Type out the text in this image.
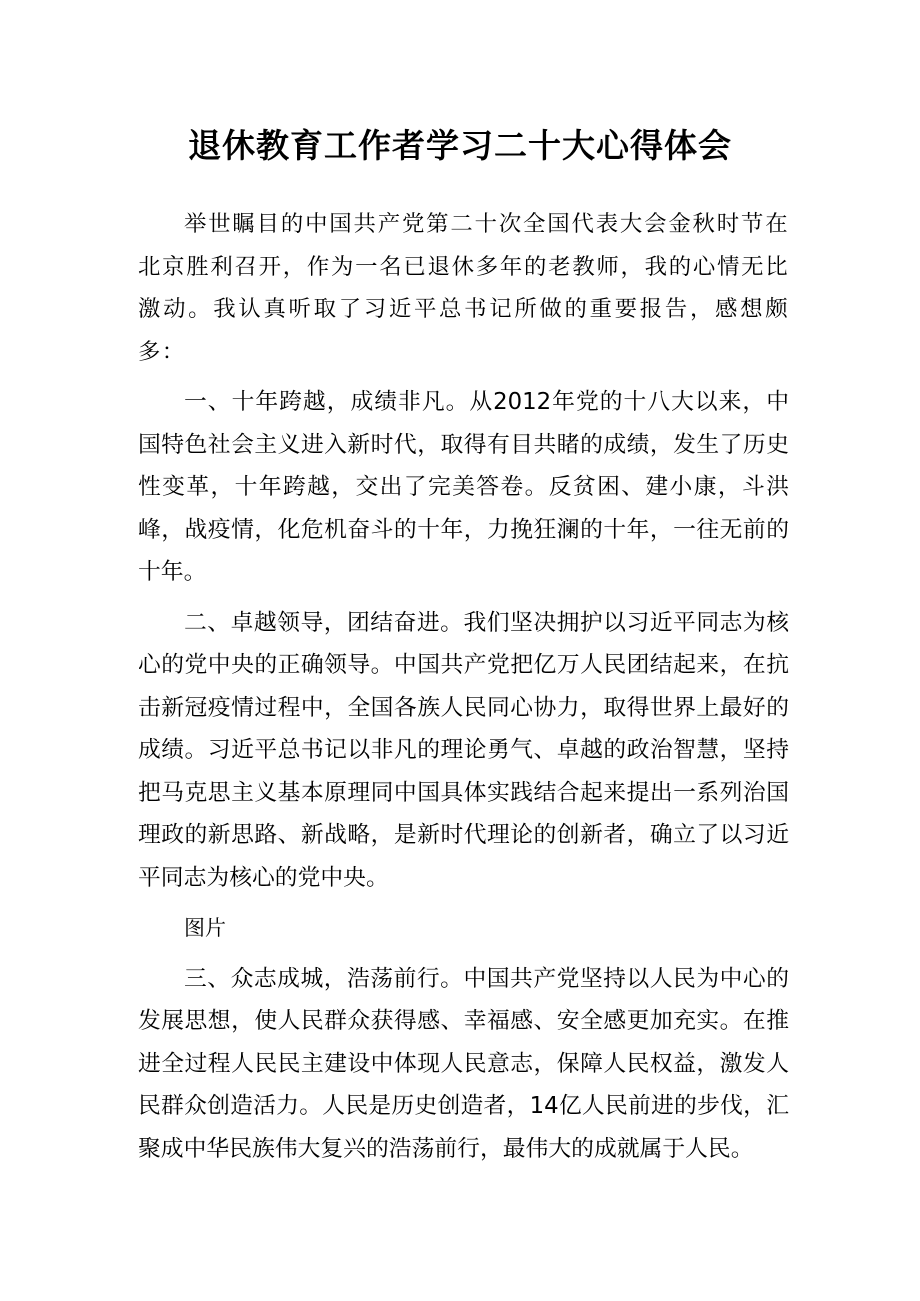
退休教育工作者学习二十大心得体会

举世瞩目的中国共产党第二十次全国代表大会金秋时节在北京胜利召开，作为一名已退休多年的老教师，我的心情无比激动。我认真听取了习近平总书记所做的重要报告，感想颇多：

一、十年跨越，成绩非凡。从2012年党的十八大以来，中国特色社会主义进入新时代，取得有目共睹的成绩，发生了历史性变革，十年跨越，交出了完美答卷。反贫困、建小康，斗洪峰，战疫情，化危机奋斗的十年，力挽狂澜的十年，一往无前的十年。

二、卓越领导，团结奋进。我们坚决拥护以习近平同志为核心的党中央的正确领导。中国共产党把亿万人民团结起来，在抗击新冠疫情过程中，全国各族人民同心协力，取得世界上最好的成绩。习近平总书记以非凡的理论勇气、卓越的政治智慧，坚持把马克思主义基本原理同中国具体实践结合起来提出一系列治国理政的新思路、新战略，是新时代理论的创新者，确立了以习近平同志为核心的党中央。

图片

三、众志成城，浩荡前行。中国共产党坚持以人民为中心的发展思想，使人民群众获得感、幸福感、安全感更加充实。在推进全过程人民民主建设中体现人民意志，保障人民权益，激发人民群众创造活力。人民是历史创造者，14亿人民前进的步伐，汇聚成中华民族伟大复兴的浩荡前行，最伟大的成就属于人民。
